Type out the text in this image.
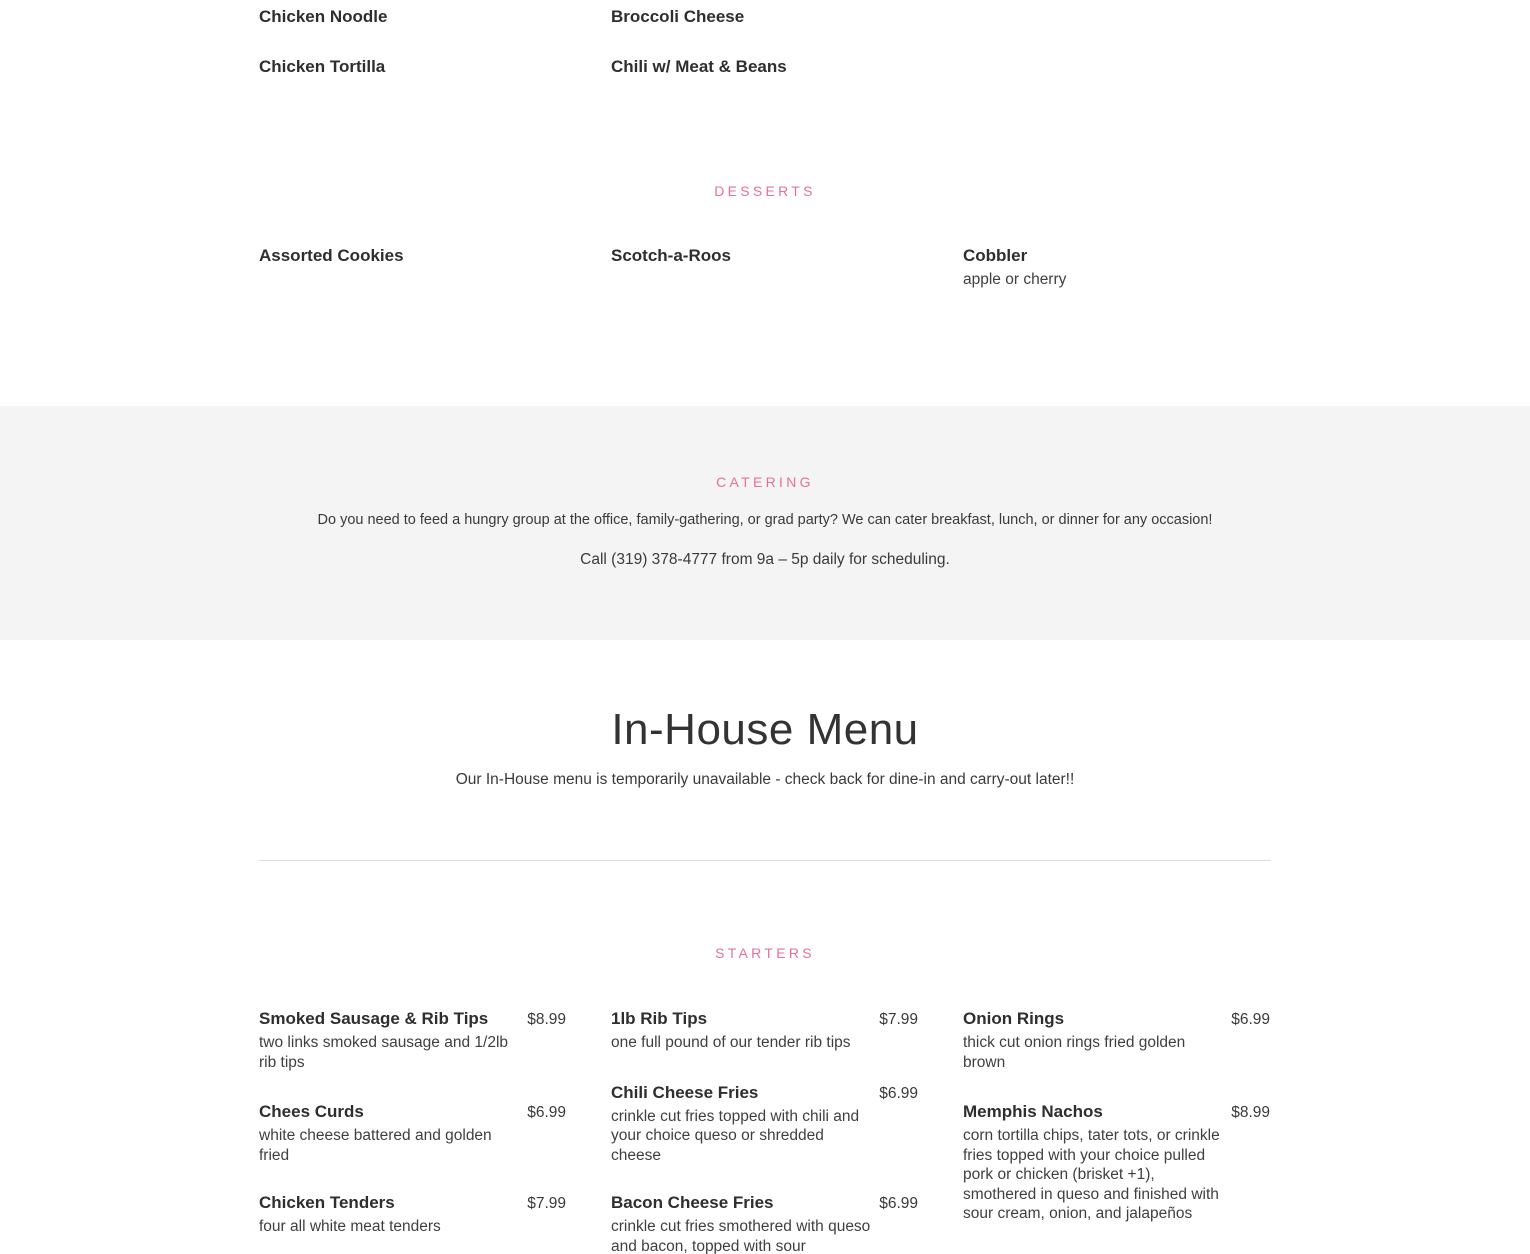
Chicken Noodle
Chicken Tortilla
Broccoli Cheese
Chili w/ Meat & Beans
DESSERTS
Assorted Cookies	Scotch-a-Roos	Cobbler
apple or cherry
CATERING
Do you need to feed a hungry group at the office, family-gathering, or grad party? We can cater breakfast, lunch, or dinner for any occasion!
Call (319) 378-4777 from 9a – 5p daily for scheduling.
In-House Menu
Our In-House menu is temporarily unavailable - check back for dine-in and carry-out later!!
STARTERS
Smoked Sausage & Rib Tips	$8.99
two links smoked sausage and 1/2lb rib tips
Chees Curds	$6.99
white cheese battered and golden fried
Chicken Tenders	$7.99
four all white meat tenders
1lb Rib Tips	$7.99
one full pound of our tender rib tips
Chili Cheese Fries	$6.99
crinkle cut fries topped with chili and your choice queso or shredded cheese
Bacon Cheese Fries	$6.99
crinkle cut fries smothered with queso and bacon, topped with sour
Onion Rings	$6.99
thick cut onion rings fried golden brown
Memphis Nachos	$8.99
corn tortilla chips, tater tots, or crinkle fries topped with your choice pulled pork or chicken (brisket +1), smothered in queso and finished with sour cream, onion, and jalapeños
